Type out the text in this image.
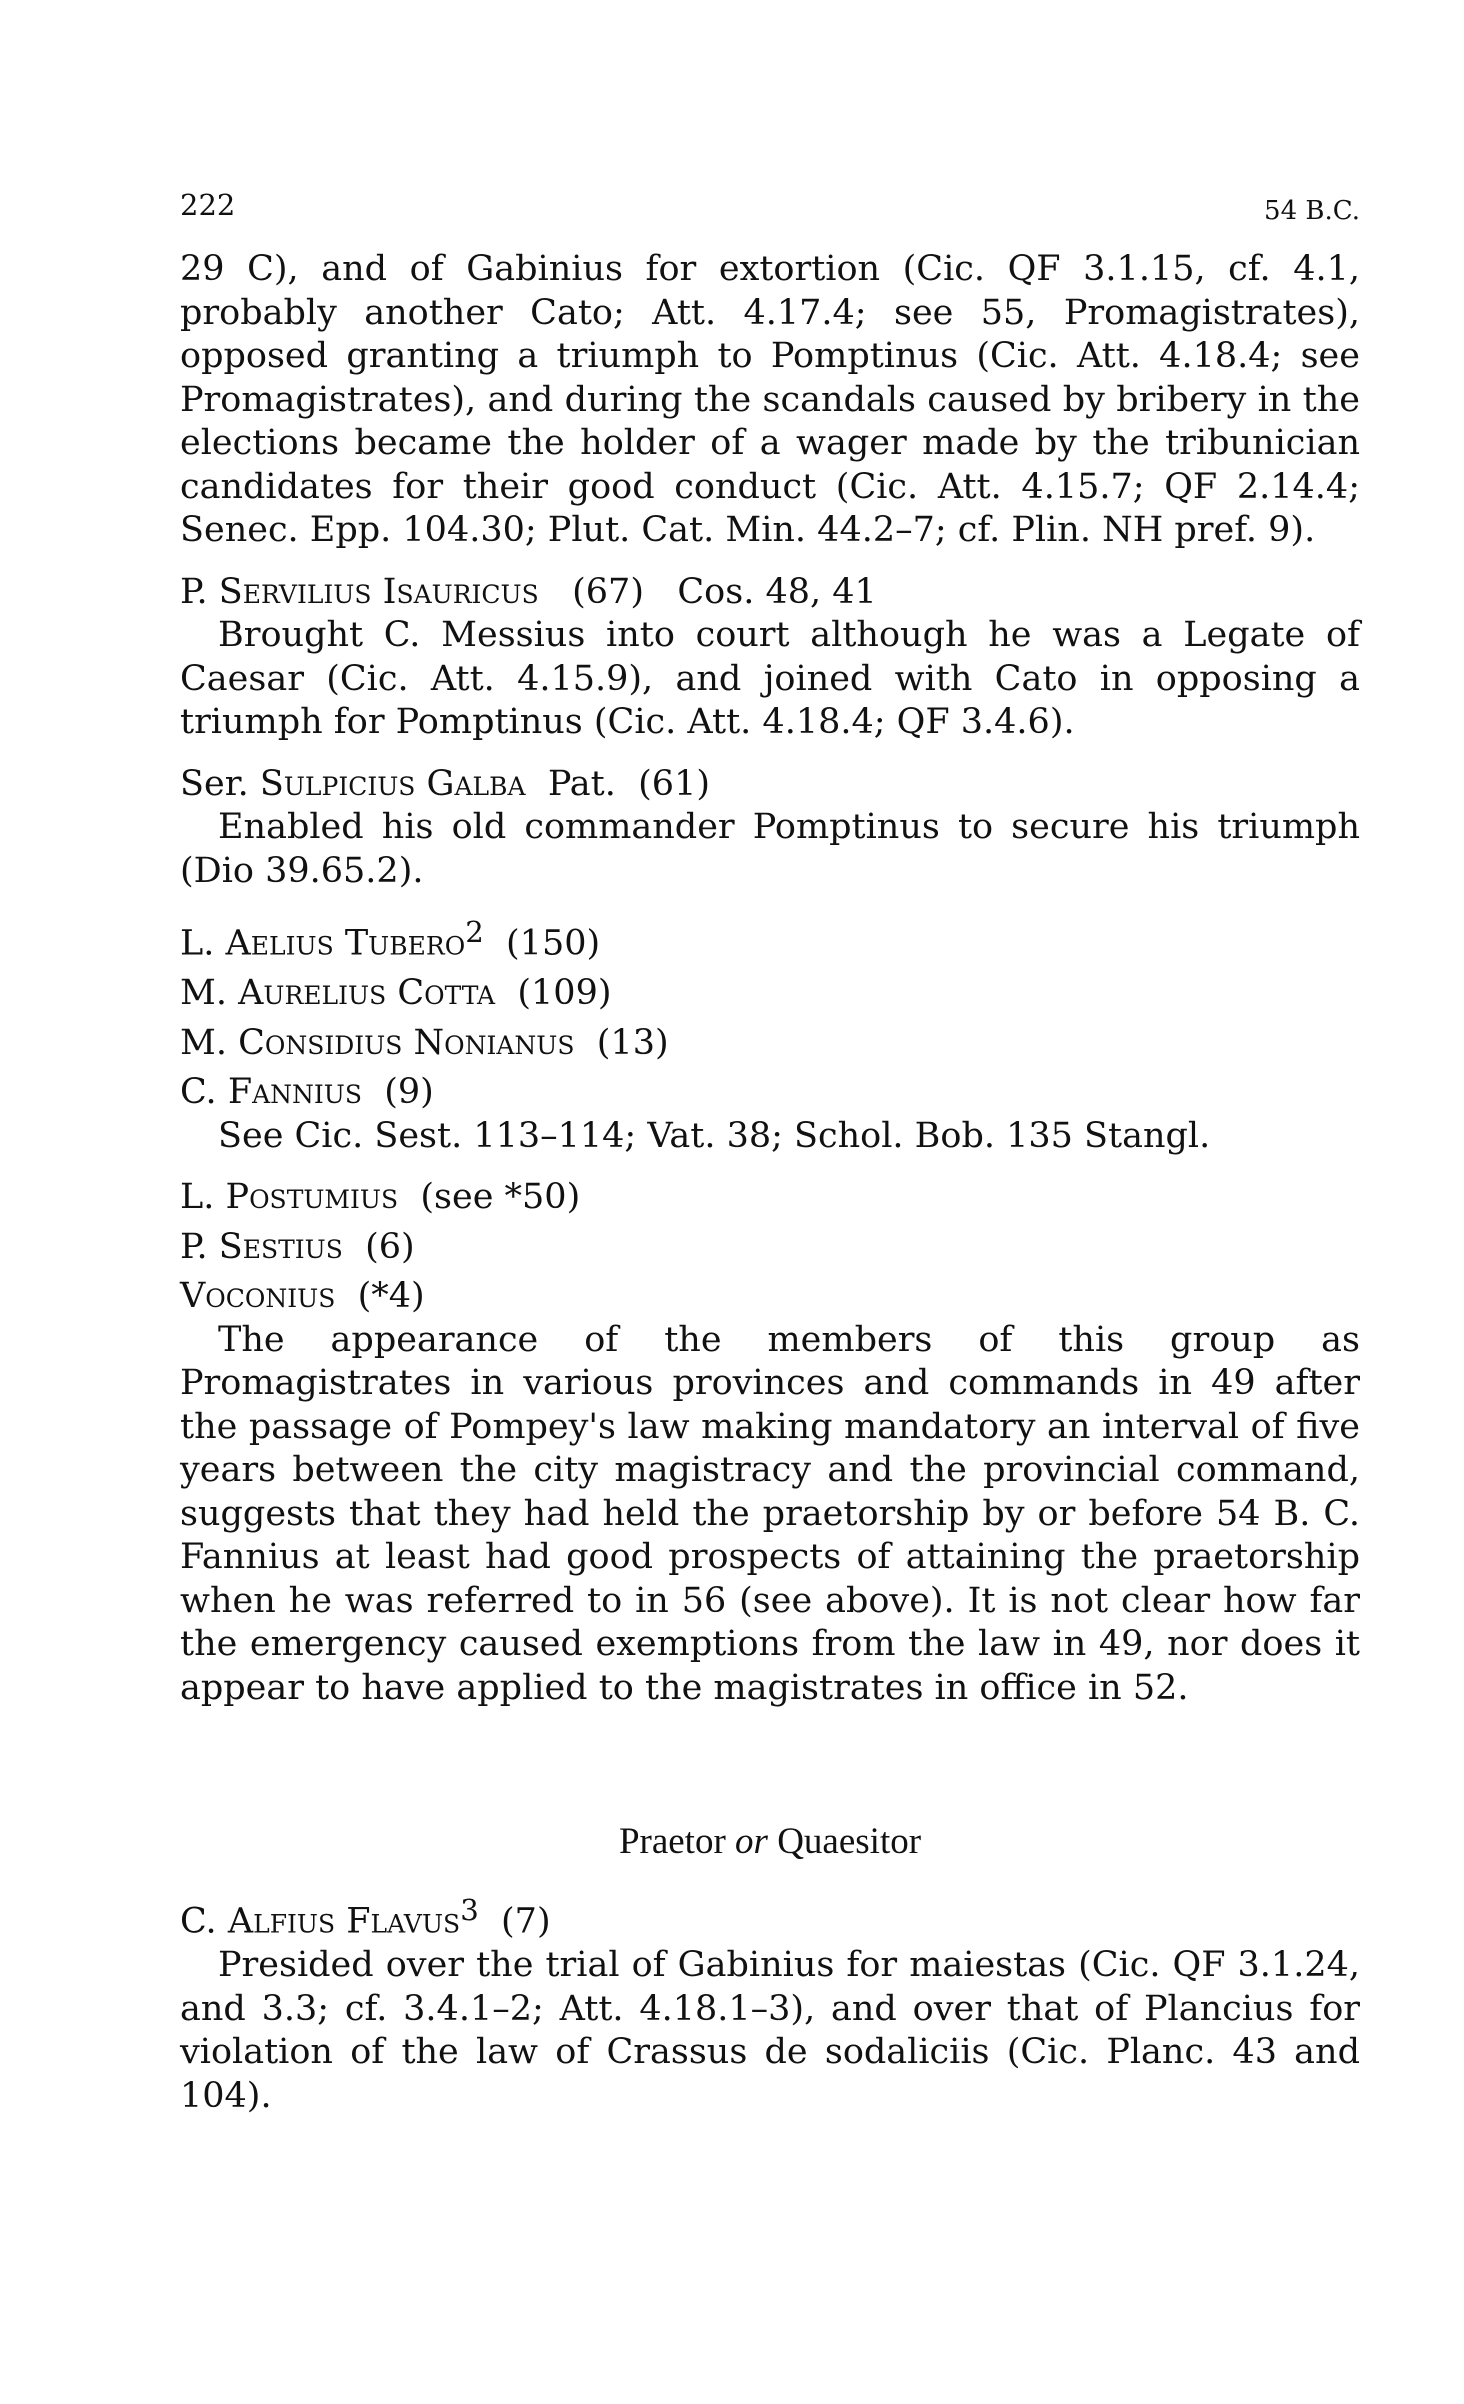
222	54 B.C.

29 C), and of Gabinius for extortion (Cic. QF 3.1.15, cf. 4.1, probably another Cato; Att. 4.17.4; see 55, Promagistrates), opposed granting a triumph to Pomptinus (Cic. Att. 4.18.4; see Promagistrates), and during the scandals caused by bribery in the elections became the holder of a wager made by the tribunician candidates for their good conduct (Cic. Att. 4.15.7; QF 2.14.4; Senec. Epp. 104.30; Plut. Cat. Min. 44.2–7; cf. Plin. NH pref. 9).

P. Servilius Isauricus (67) Cos. 48, 41

Brought C. Messius into court although he was a Legate of Caesar (Cic. Att. 4.15.9), and joined with Cato in opposing a triumph for Pomptinus (Cic. Att. 4.18.4; QF 3.4.6).

Ser. Sulpicius Galba Pat. (61)

Enabled his old commander Pomptinus to secure his triumph (Dio 39.65.2).

L. Aelius Tubero$^2$ (150)
M. Aurelius Cotta (109)
M. Considius Nonianus (13)
C. Fannius (9)

See Cic. Sest. 113–114; Vat. 38; Schol. Bob. 135 Stangl.

L. Postumius (see *50)
P. Sestius (6)
Voconius (*4)

The appearance of the members of this group as Promagistrates in various provinces and commands in 49 after the passage of Pompey's law making mandatory an interval of five years between the city magistracy and the provincial command, suggests that they had held the praetorship by or before 54 B. C. Fannius at least had good prospects of attaining the praetorship when he was referred to in 56 (see above). It is not clear how far the emergency caused exemptions from the law in 49, nor does it appear to have applied to the magistrates in office in 52.

Praetor or Quaesitor
C. Alfius Flavus$^3$ (7)

Presided over the trial of Gabinius for maiestas (Cic. QF 3.1.24, and 3.3; cf. 3.4.1–2; Att. 4.18.1–3), and over that of Plancius for violation of the law of Crassus de sodaliciis (Cic. Planc. 43 and 104).
